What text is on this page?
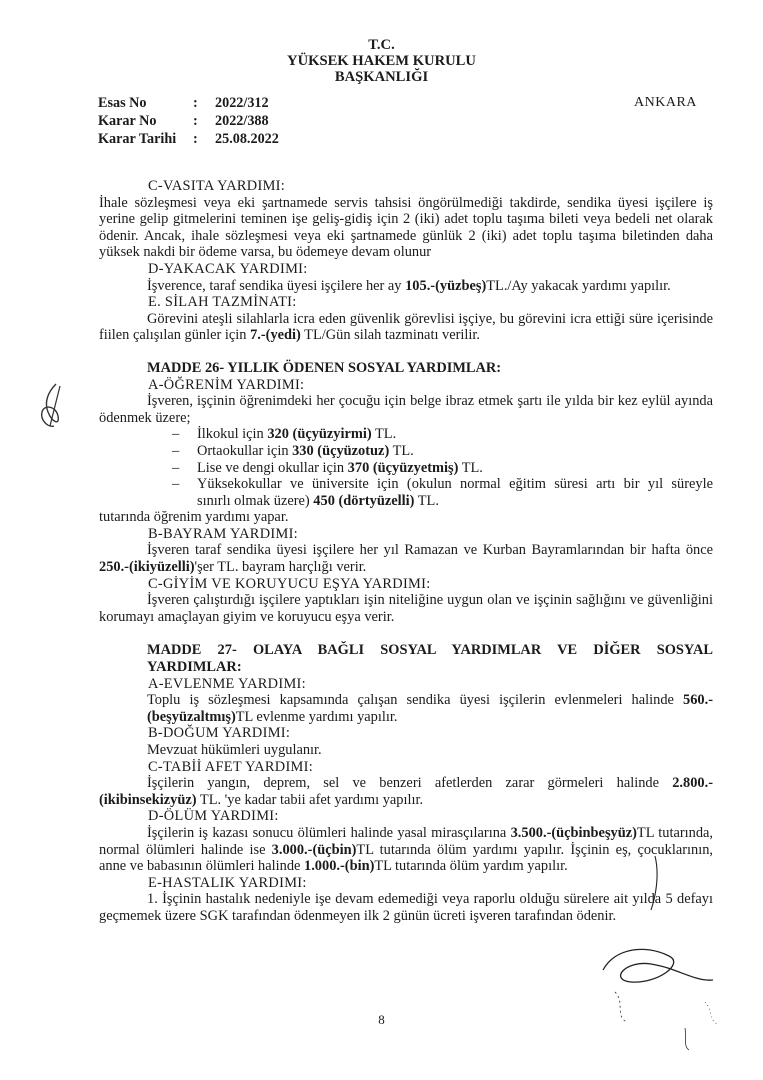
T.C.
YÜKSEK HAKEM KURULU
BAŞKANLIĞI
Esas No	:	2022/312
Karar No	:	2022/388
Karar Tarihi	:	25.08.2022
ANKARA
C-VASITA YARDIMI:
İhale sözleşmesi veya eki şartnamede servis tahsisi öngörülmediği takdirde, sendika üyesi işçilere iş yerine gelip gitmelerini teminen işe geliş-gidiş için 2 (iki) adet toplu taşıma bileti veya bedeli net olarak ödenir. Ancak, ihale sözleşmesi veya eki şartnamede günlük 2 (iki) adet toplu taşıma biletinden daha yüksek nakdi bir ödeme varsa, bu ödemeye devam olunur
D-YAKACAK YARDIMI:
İşverence, taraf sendika üyesi işçilere her ay 105.-(yüzbeş)TL./Ay yakacak yardımı yapılır.
E. SİLAH TAZMİNATI:
Görevini ateşli silahlarla icra eden güvenlik görevlisi işçiye, bu görevini icra ettiği süre içerisinde fiilen çalışılan günler için 7.-(yedi) TL/Gün silah tazminatı verilir.
MADDE 26- YILLIK ÖDENEN SOSYAL YARDIMLAR:
A-ÖĞRENİM YARDIMI:
İşveren, işçinin öğrenimdeki her çocuğu için belge ibraz etmek şartı ile yılda bir kez eylül ayında ödenmek üzere;
–	İlkokul için 320 (üçyüzyirmi) TL.
–	Ortaokullar için 330 (üçyüzotuz) TL.
–	Lise ve dengi okullar için 370 (üçyüzyetmiş) TL.
–	Yüksekokullar ve üniversite için (okulun normal eğitim süresi artı bir yıl süreyle
sınırlı olmak üzere) 450 (dörtyüzelli) TL.
tutarında öğrenim yardımı yapar.
B-BAYRAM YARDIMI:
İşveren taraf sendika üyesi işçilere her yıl Ramazan ve Kurban Bayramlarından bir hafta önce 250.-(ikiyüzelli)'şer TL. bayram harçlığı verir.
C-GİYİM VE KORUYUCU EŞYA YARDIMI:
İşveren çalıştırdığı işçilere yaptıkları işin niteliğine uygun olan ve işçinin sağlığını ve güvenliğini korumayı amaçlayan giyim ve koruyucu eşya verir.
MADDE 27- OLAYA BAĞLI SOSYAL YARDIMLAR VE DİĞER SOSYAL
YARDIMLAR:
A-EVLENME YARDIMI:
Toplu iş sözleşmesi kapsamında çalışan sendika üyesi işçilerin evlenmeleri halinde 560.-(beşyüzaltmış)TL evlenme yardımı yapılır.
B-DOĞUM YARDIMI:
Mevzuat hükümleri uygulanır.
C-TABİİ AFET YARDIMI:
İşçilerin yangın, deprem, sel ve benzeri afetlerden zarar görmeleri halinde 2.800.-(ikibinsekizyüz) TL. 'ye kadar tabii afet yardımı yapılır.
D-ÖLÜM YARDIMI:
İşçilerin iş kazası sonucu ölümleri halinde yasal mirasçılarına 3.500.-(üçbinbeşyüz)TL tutarında, normal ölümleri halinde ise 3.000.-(üçbin)TL tutarında ölüm yardımı yapılır. İşçinin eş, çocuklarının, anne ve babasının ölümleri halinde 1.000.-(bin)TL tutarında ölüm yardım yapılır.
E-HASTALIK YARDIMI:
1. İşçinin hastalık nedeniyle işe devam edemediği veya raporlu olduğu sürelere ait yılda 5 defayı geçmemek üzere SGK tarafından ödenmeyen ilk 2 günün ücreti işveren tarafından ödenir.
8
